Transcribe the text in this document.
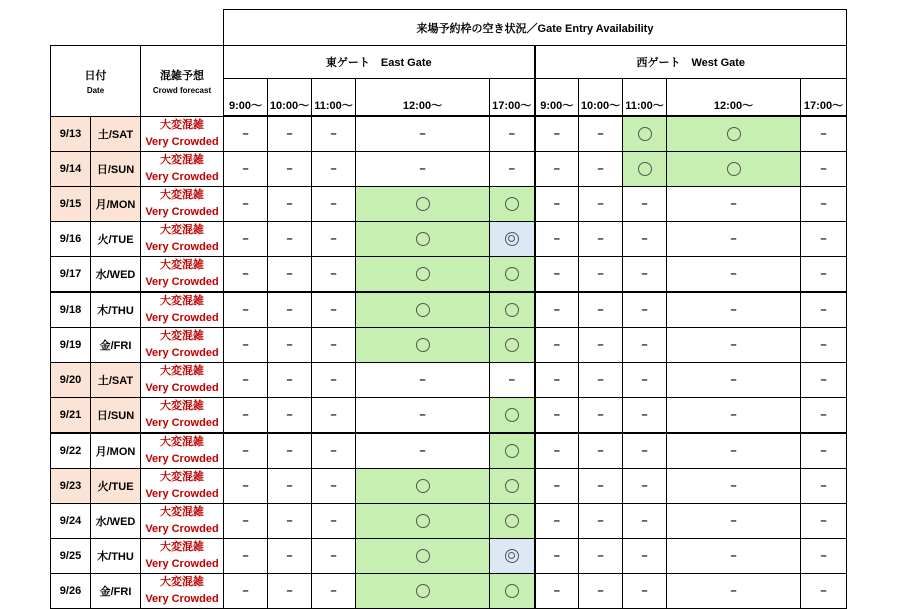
			来場予約枠の空き状況／Gate Entry Availability									
日付
Date		混雑予想
Crowd forecast	東ゲート　East Gate					西ゲート　West Gate				
			9:00～	10:00～	11:00～	12:00～	17:00～	9:00～	10:00～	11:00～	12:00～	17:00～

9/13	土/SAT	大変混雑
Very Crowded	–	–	–	–	–	–	–			–
9/14	日/SUN	大変混雑
Very Crowded	–	–	–	–	–	–	–			–
9/15	月/MON	大変混雑
Very Crowded	–	–	–			–	–	–	–	–
9/16	火/TUE	大変混雑
Very Crowded	–	–	–			–	–	–	–	–
9/17	水/WED	大変混雑
Very Crowded	–	–	–			–	–	–	–	–
9/18	木/THU	大変混雑
Very Crowded	–	–	–			–	–	–	–	–
9/19	金/FRI	大変混雑
Very Crowded	–	–	–			–	–	–	–	–
9/20	土/SAT	大変混雑
Very Crowded	–	–	–	–	–	–	–	–	–	–
9/21	日/SUN	大変混雑
Very Crowded	–	–	–	–		–	–	–	–	–
9/22	月/MON	大変混雑
Very Crowded	–	–	–	–		–	–	–	–	–
9/23	火/TUE	大変混雑
Very Crowded	–	–	–			–	–	–	–	–
9/24	水/WED	大変混雑
Very Crowded	–	–	–			–	–	–	–	–
9/25	木/THU	大変混雑
Very Crowded	–	–	–			–	–	–	–	–
9/26	金/FRI	大変混雑
Very Crowded	–	–	–			–	–	–	–	–
